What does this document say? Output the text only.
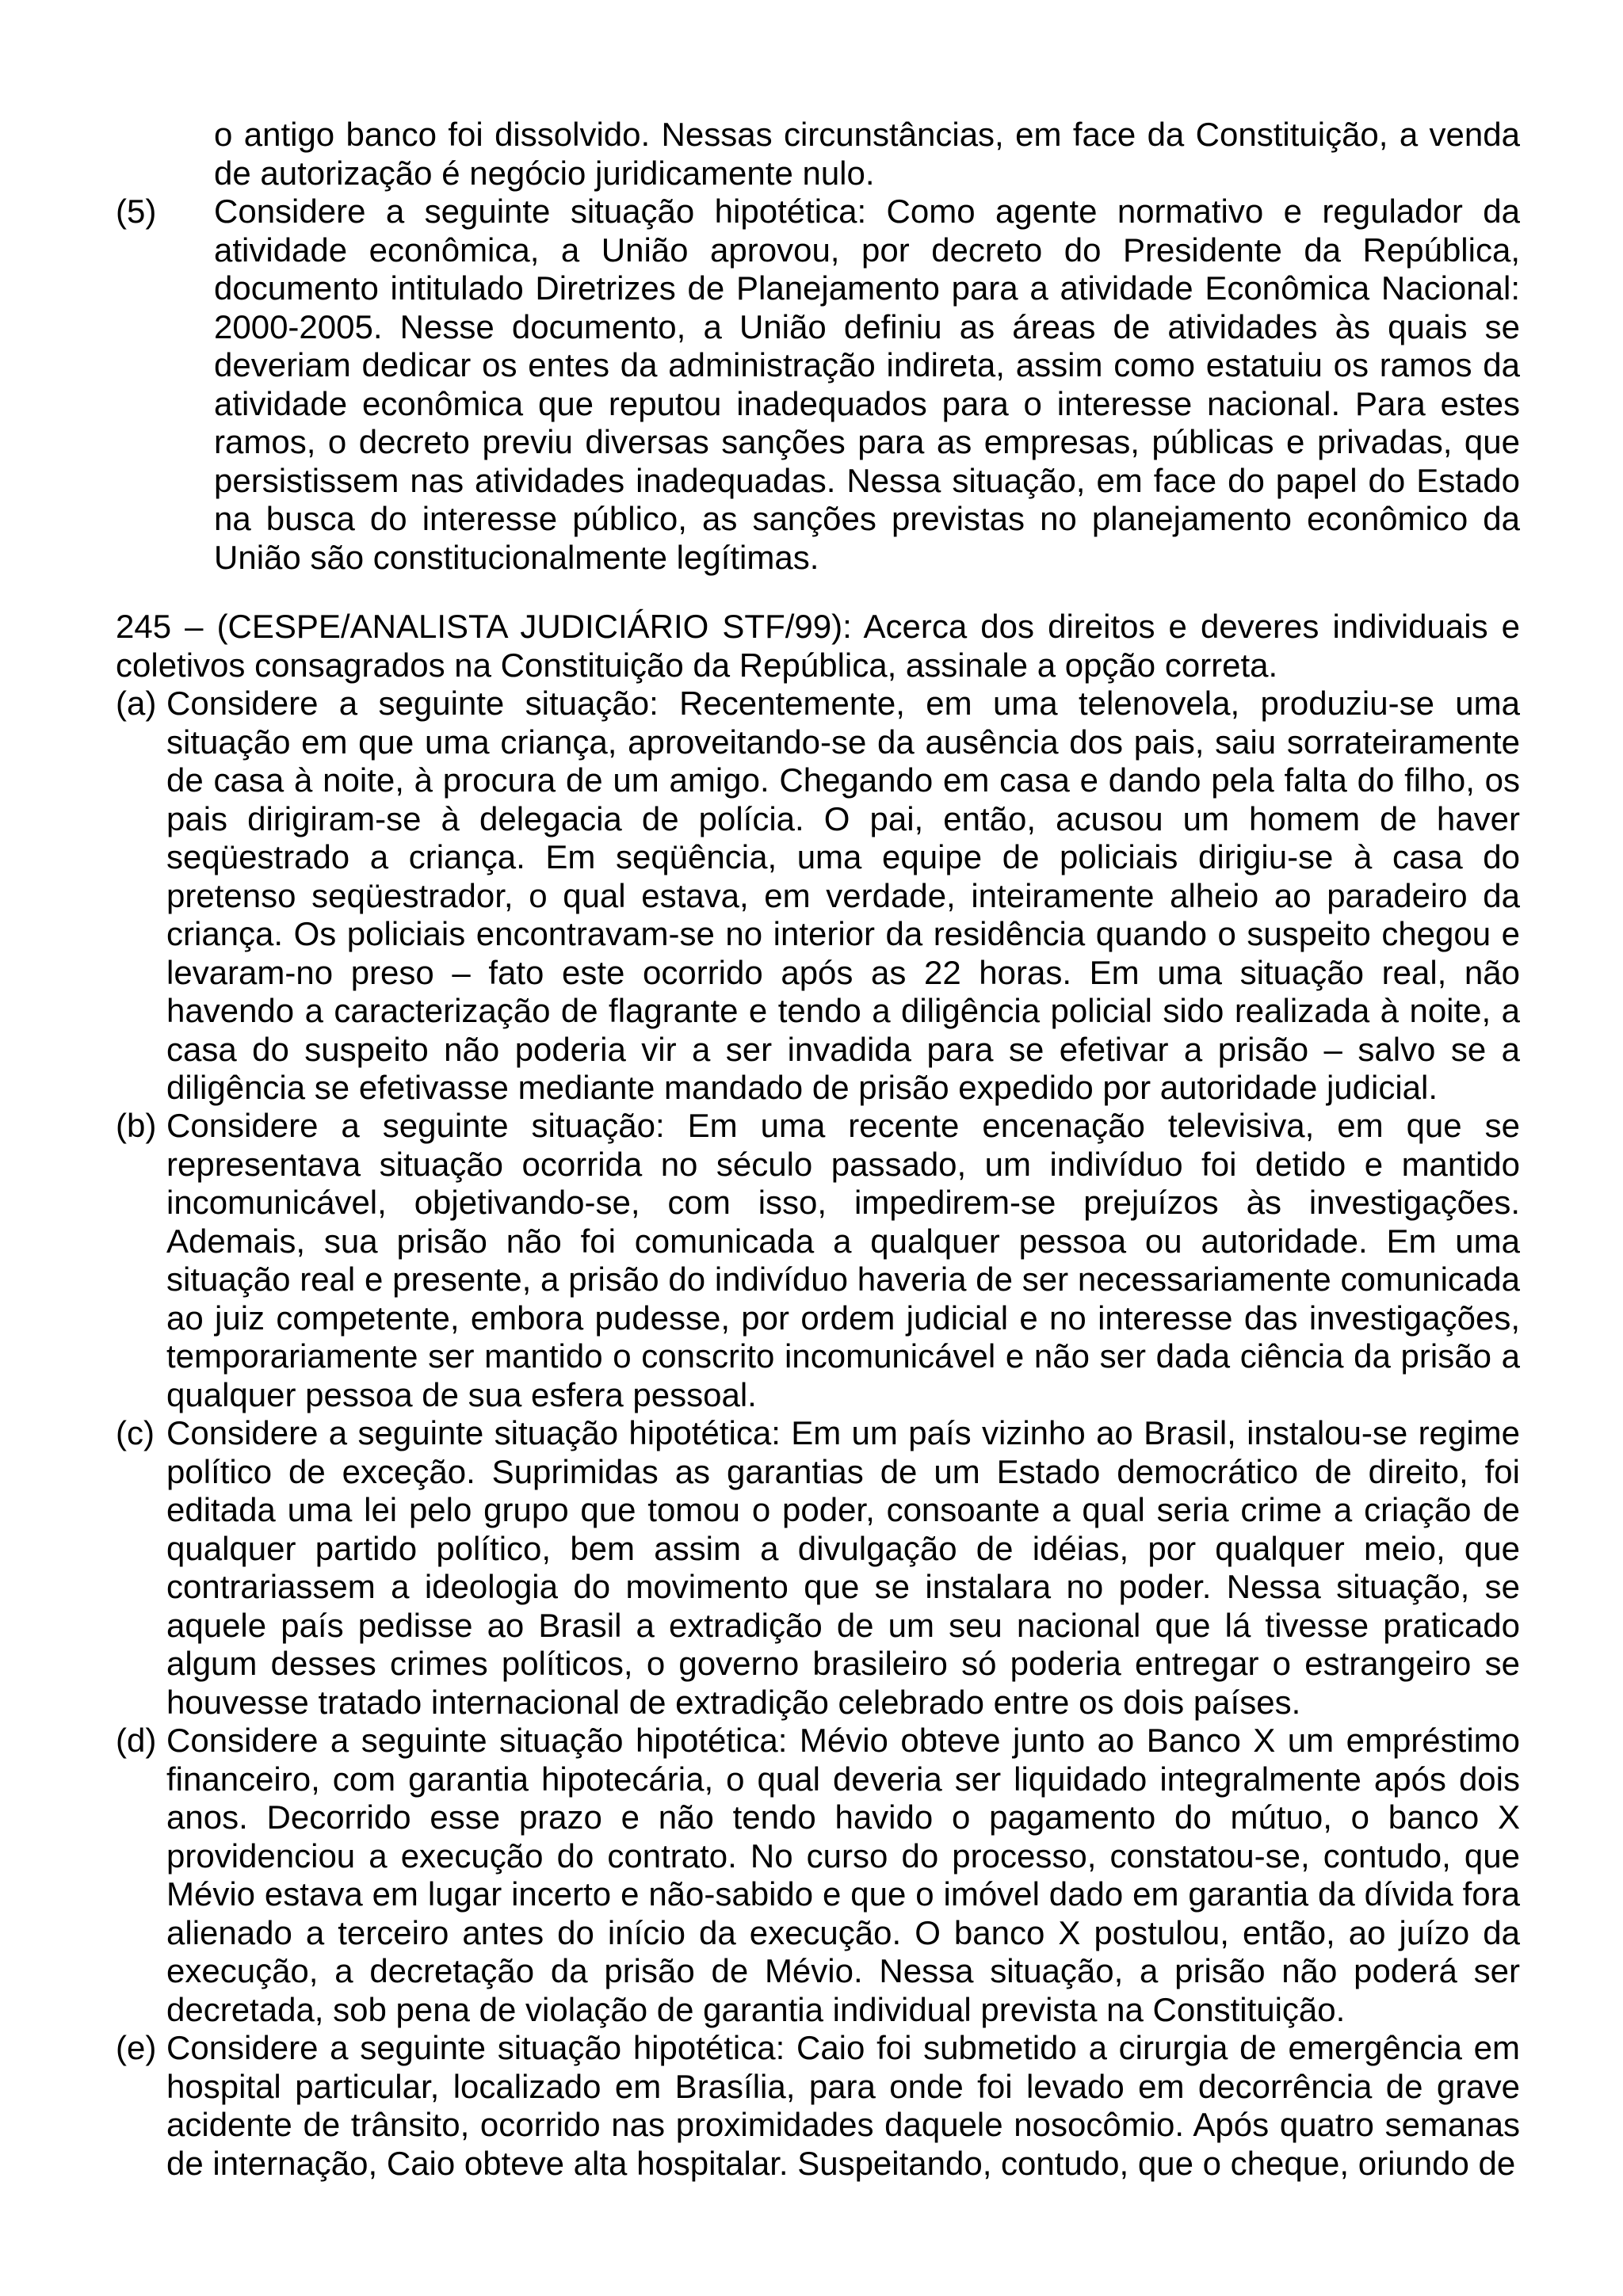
o antigo banco foi dissolvido. Nessas circunstâncias, em face da Constituição, a venda de autorização é negócio juridicamente nulo.

(5) Considere a seguinte situação hipotética: Como agente normativo e regulador da atividade econômica, a União aprovou, por decreto do Presidente da República, documento intitulado Diretrizes de Planejamento para a atividade Econômica Nacional: 2000-2005. Nesse documento, a União definiu as áreas de atividades às quais se deveriam dedicar os entes da administração indireta, assim como estatuiu os ramos da atividade econômica que reputou inadequados para o interesse nacional. Para estes ramos, o decreto previu diversas sanções para as empresas, públicas e privadas, que persistissem nas atividades inadequadas. Nessa situação, em face do papel do Estado na busca do interesse público, as sanções previstas no planejamento econômico da União são constitucionalmente legítimas.

245 – (CESPE/ANALISTA JUDICIÁRIO STF/99): Acerca dos direitos e deveres individuais e coletivos consagrados na Constituição da República, assinale a opção correta.

(a) Considere a seguinte situação: Recentemente, em uma telenovela, produziu-se uma situação em que uma criança, aproveitando-se da ausência dos pais, saiu sorrateiramente de casa à noite, à procura de um amigo. Chegando em casa e dando pela falta do filho, os pais dirigiram-se à delegacia de polícia. O pai, então, acusou um homem de haver seqüestrado a criança. Em seqüência, uma equipe de policiais dirigiu-se à casa do pretenso seqüestrador, o qual estava, em verdade, inteiramente alheio ao paradeiro da criança. Os policiais encontravam-se no interior da residência quando o suspeito chegou e levaram-no preso – fato este ocorrido após as 22 horas. Em uma situação real, não havendo a caracterização de flagrante e tendo a diligência policial sido realizada à noite, a casa do suspeito não poderia vir a ser invadida para se efetivar a prisão – salvo se a diligência se efetivasse mediante mandado de prisão expedido por autoridade judicial.

(b) Considere a seguinte situação: Em uma recente encenação televisiva, em que se representava situação ocorrida no século passado, um indivíduo foi detido e mantido incomunicável, objetivando-se, com isso, impedirem-se prejuízos às investigações. Ademais, sua prisão não foi comunicada a qualquer pessoa ou autoridade. Em uma situação real e presente, a prisão do indivíduo haveria de ser necessariamente comunicada ao juiz competente, embora pudesse, por ordem judicial e no interesse das investigações, temporariamente ser mantido o conscrito incomunicável e não ser dada ciência da prisão a qualquer pessoa de sua esfera pessoal.

(c) Considere a seguinte situação hipotética: Em um país vizinho ao Brasil, instalou-se regime político de exceção. Suprimidas as garantias de um Estado democrático de direito, foi editada uma lei pelo grupo que tomou o poder, consoante a qual seria crime a criação de qualquer partido político, bem assim a divulgação de idéias, por qualquer meio, que contrariassem a ideologia do movimento que se instalara no poder. Nessa situação, se aquele país pedisse ao Brasil a extradição de um seu nacional que lá tivesse praticado algum desses crimes políticos, o governo brasileiro só poderia entregar o estrangeiro se houvesse tratado internacional de extradição celebrado entre os dois países.

(d) Considere a seguinte situação hipotética: Mévio obteve junto ao Banco X um empréstimo financeiro, com garantia hipotecária, o qual deveria ser liquidado integralmente após dois anos. Decorrido esse prazo e não tendo havido o pagamento do mútuo, o banco X providenciou a execução do contrato. No curso do processo, constatou-se, contudo, que Mévio estava em lugar incerto e não-sabido e que o imóvel dado em garantia da dívida fora alienado a terceiro antes do início da execução. O banco X postulou, então, ao juízo da execução, a decretação da prisão de Mévio. Nessa situação, a prisão não poderá ser decretada, sob pena de violação de garantia individual prevista na Constituição.

(e) Considere a seguinte situação hipotética: Caio foi submetido a cirurgia de emergência em hospital particular, localizado em Brasília, para onde foi levado em decorrência de grave acidente de trânsito, ocorrido nas proximidades daquele nosocômio. Após quatro semanas de internação, Caio obteve alta hospitalar. Suspeitando, contudo, que o cheque, oriundo de
